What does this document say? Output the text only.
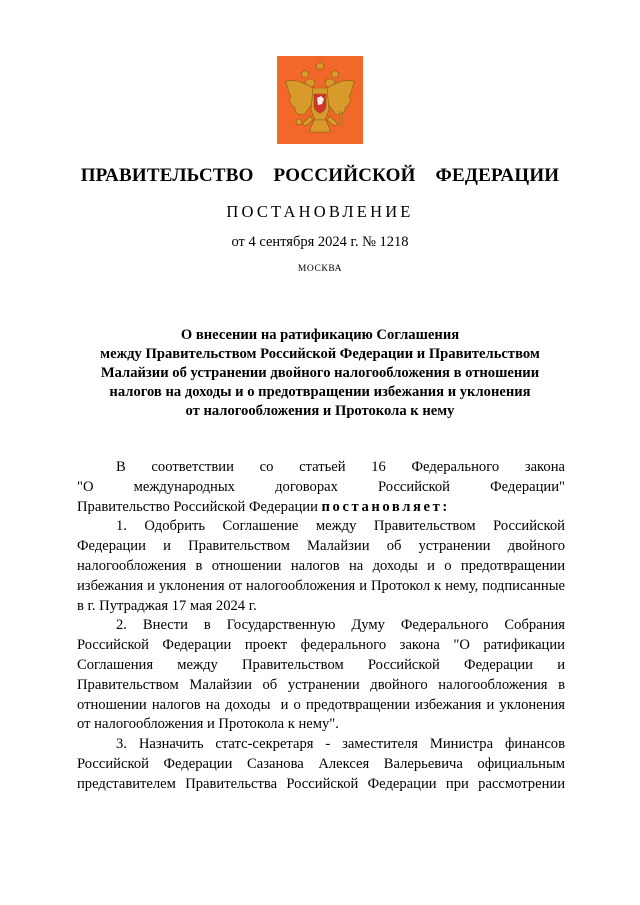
ПРАВИТЕЛЬСТВО  РОССИЙСКОЙ  ФЕДЕРАЦИИ
ПОСТАНОВЛЕНИЕ
от 4 сентября 2024 г. № 1218
МОСКВА
О внесении на ратификацию Соглашения
между Правительством Российской Федерации и Правительством
Малайзии об устранении двойного налогообложения в отношении
налогов на доходы и о предотвращении избежания и уклонения
от налогообложения и Протокола к нему

В соответствии со статьей 16 Федерального закона
"О международных договорах Российской Федерации"
Правительство Российской Федерации постановляет:

1. Одобрить Соглашение между Правительством Российской Федерации и Правительством Малайзии об устранении двойного налогообложения в отношении налогов на доходы и о предотвращении избежания и уклонения от налогообложения и Протокол к нему, подписанные в г. Путраджая 17 мая 2024 г.

2. Внести в Государственную Думу Федерального Собрания Российской Федерации проект федерального закона "О ратификации Соглашения между Правительством Российской Федерации и Правительством Малайзии об устранении двойного налогообложения в отношении налогов на доходы  и о предотвращении избежания и уклонения от налогообложения и Протокола к нему".

3. Назначить статс-секретаря - заместителя Министра финансов Российской Федерации Сазанова Алексея Валерьевича официальным представителем Правительства Российской Федерации при рассмотрении
